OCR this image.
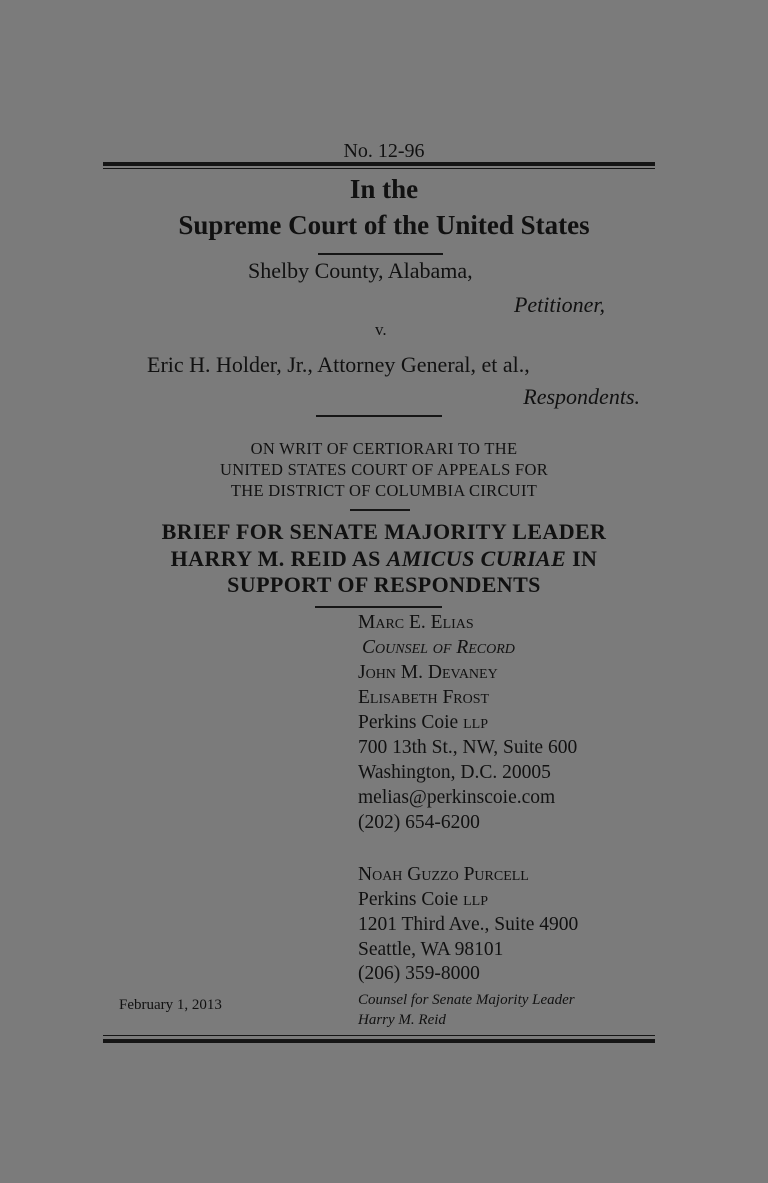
No. 12-96
In the
Supreme Court of the United States
Shelby County, Alabama,
Petitioner,
v.
Eric H. Holder, Jr., Attorney General, et al.,
Respondents.
ON WRIT OF CERTIORARI TO THE
UNITED STATES COURT OF APPEALS FOR
THE DISTRICT OF COLUMBIA CIRCUIT
BRIEF FOR SENATE MAJORITY LEADER
HARRY M. REID AS AMICUS CURIAE IN
SUPPORT OF RESPONDENTS
Marc E. Elias
Counsel of Record
John M. Devaney
Elisabeth Frost
Perkins Coie llp
700 13th St., NW, Suite 600
Washington, D.C. 20005
melias@perkinscoie.com
(202) 654-6200
Noah Guzzo Purcell
Perkins Coie llp
1201 Third Ave., Suite 4900
Seattle, WA 98101
(206) 359-8000
Counsel for Senate Majority Leader
Harry M. Reid
February 1, 2013
